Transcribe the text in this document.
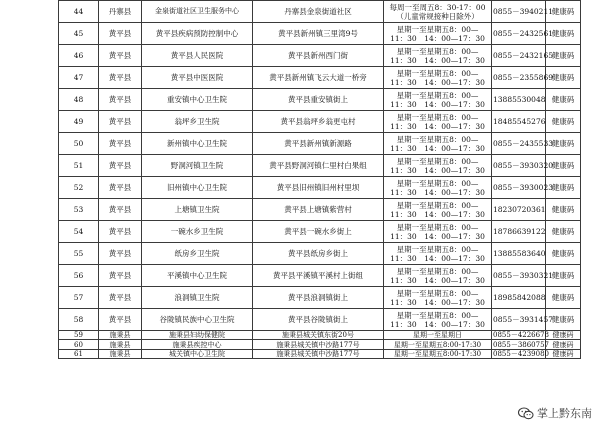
44	丹寨县	金泉街道社区卫生服务中心	丹寨县金泉街道社区	每周一至周五8：30-17：00
（儿童常规接种日除外）	0855－3940211	健康码
45	黄平县	黄平县疾病预防控制中心	黄平县新州镇三里湾9号	星期一至星期五8：00—
11：30　14：00—17：30	0855－2432561	健康码
46	黄平县	黄平县人民医院	黄平县新州西门街	星期一至星期五8：00—
11：30　14：00—17：30	0855－2432165	健康码
47	黄平县	黄平县中医医院	黄平县新州镇飞云大道一桥旁	星期一至星期五8：00—
11：30　14：00—17：30	0855－2355869	健康码
48	黄平县	重安镇中心卫生院	黄平县重安镇街上	星期一至星期五8：00—
11：30　14：00—17：30	13885530048	健康码
49	黄平县	翁坪乡卫生院	黄平县翁坪乡翁更屯村	星期一至星期五8：00—
11：30　14：00—17：30	18485545276	健康码
50	黄平县	新州镇中心卫生院	黄平县新州镇新源路	星期一至星期五8：00—
11：30　14：00—17：30	0855－2435533	健康码
51	黄平县	野洞河镇卫生院	黄平县野洞河镇仁里村白果组	星期一至星期五8：00—
11：30　14：00—17：30	0855－3930320	健康码
52	黄平县	旧州镇中心卫生院	黄平县旧州镇旧州村里坝	星期一至星期五8：00—
11：30　14：00—17：30	0855－3930023	健康码
53	黄平县	上塘镇卫生院	黄平县上塘镇紫营村	星期一至星期五8：00—
11：30　14：00—17：30	18230720361	健康码
54	黄平县	一碗水乡卫生院	黄平县一碗水乡街上	星期一至星期五8：00—
11：30　14：00—17：30	18786639122	健康码
55	黄平县	纸房乡卫生院	黄平县纸房乡街上	星期一至星期五8：00—
11：30　14：00—17：30	13885583640	健康码
56	黄平县	平溪镇中心卫生院	黄平县平溪镇平溪村上街组	星期一至星期五8：00—
11：30　14：00—17：30	0855－3930321	健康码
57	黄平县	浪洞镇卫生院	黄平县浪洞镇街上	星期一至星期五8：00—
11：30　14：00—17：30	18985842088	健康码
58	黄平县	谷陇镇民族中心卫生院	黄平县谷陇镇街上	星期一至星期五8：00—
11：30　14：00—17：30	0855－3931457	健康码
59	施秉县	施秉县妇幼保健院	施秉县城关镇东街20号	星期一至星期日	0855－4226678	健康码
60	施秉县	施秉县疾控中心	施秉县城关镇中沙路177号	星期一至星期五8:00-17:30	0855－3860757	健康码
61	施秉县	城关镇中心卫生院	施秉县城关镇中沙路177号	星期一至星期五8:00-17:30	0855－4239080	健康码
掌上黔东南
